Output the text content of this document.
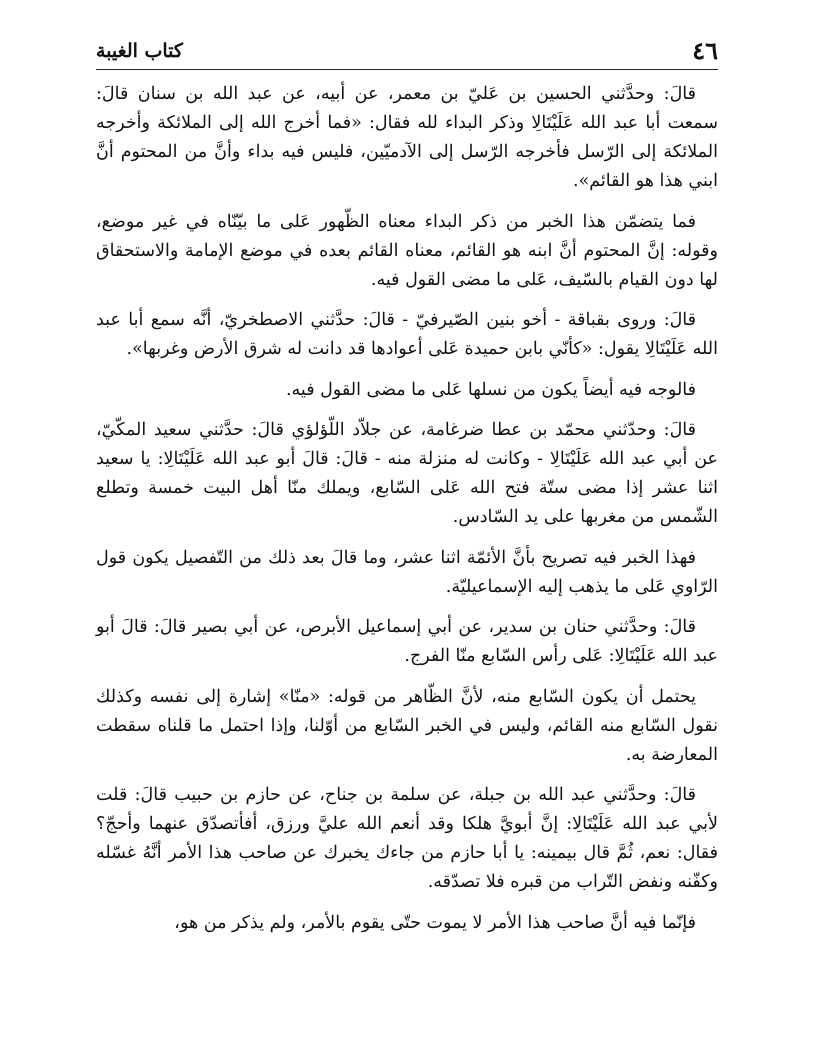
٤٦
كتاب الغيبة

قالَ: وحدَّثني الحسين بن عَليّ بن معمر، عن أبيه، عن عبد الله بن سنان قالَ: سمعت أبا عبد الله عَلَيْتَالِا وذكر البداء لله فقال: «فما أخرج الله إلى الملائكة وأخرجه الملائكة إلى الرّسل فأخرجه الرّسل إلى الآدميّين، فليس فيه بداء وأنَّ من المحتوم أنَّ ابني هذا هو القائم».

فما يتضمّن هذا الخبر من ذكر البداء معناه الظّهور عَلى ما بيّنّاه في غير موضع، وقوله: إنَّ المحتوم أنَّ ابنه هو القائم، معناه القائم بعده في موضع الإمامة والاستحقاق لها دون القيام بالسّيف، عَلى ما مضى القول فيه.

قالَ: وروى بقباقة - أخو بنين الصّيرفيّ - قالَ: حدَّثني الاصطخريّ، أنَّه سمع أبا عبد الله عَلَيْتَالِا يقول: «كأنّي بابن حميدة عَلى أعوادها قد دانت له شرق الأرض وغربها».

فالوجه فيه أيضاً يكون من نسلها عَلى ما مضى القول فيه.

قالَ: وحدّثني محمّد بن عطا ضرغامة، عن جلاّد اللّؤلؤي قالَ: حدَّثني سعيد المكّيّ، عن أبي عبد الله عَلَيْتَالِا - وكانت له منزلة منه - قالَ: قالَ أبو عبد الله عَلَيْتَالِا: يا سعيد اثنا عشر إذا مضى ستّة فتح الله عَلى السّابع، ويملك منّا أهل البيت خمسة وتطلع الشّمس من مغربها على يد السّادس.

فهذا الخبر فيه تصريح بأنَّ الأئمّة اثنا عشر، وما قالَ بعد ذلك من التّفصيل يكون قول الرّاوي عَلى ما يذهب إليه الإسماعيليّة.

قالَ: وحدَّثني حنان بن سدير، عن أبي إسماعيل الأبرص، عن أبي بصير قالَ: قالَ أبو عبد الله عَلَيْتَالِا: عَلى رأس السّابع منّا الفرج.

يحتمل أن يكون السّابع منه، لأنَّ الظّاهر من قوله: «منّا» إشارة إلى نفسه وكذلك نقول السّابع منه القائم، وليس في الخبر السّابع من أوّلنا، وإذا احتمل ما قلناه سقطت المعارضة به.

قالَ: وحدَّثني عبد الله بن جبلة، عن سلمة بن جناح، عن حازم بن حبيب قالَ: قلت لأبي عبد الله عَلَيْتَالِا: إنَّ أبويَّ هلكا وقد أنعم الله عليَّ ورزق، أفأتصدّق عنهما وأحجّ؟ فقال: نعم، ثُمَّ قال بيمينه: يا أبا حازم من جاءك يخبرك عن صاحب هذا الأمر أنَّهُ غسّله وكفّنه ونفض التّراب من قبره فلا تصدّقه.

فإنّما فيه أنَّ صاحب هذا الأمر لا يموت حتّى يقوم بالأمر، ولم يذكر من هو،
